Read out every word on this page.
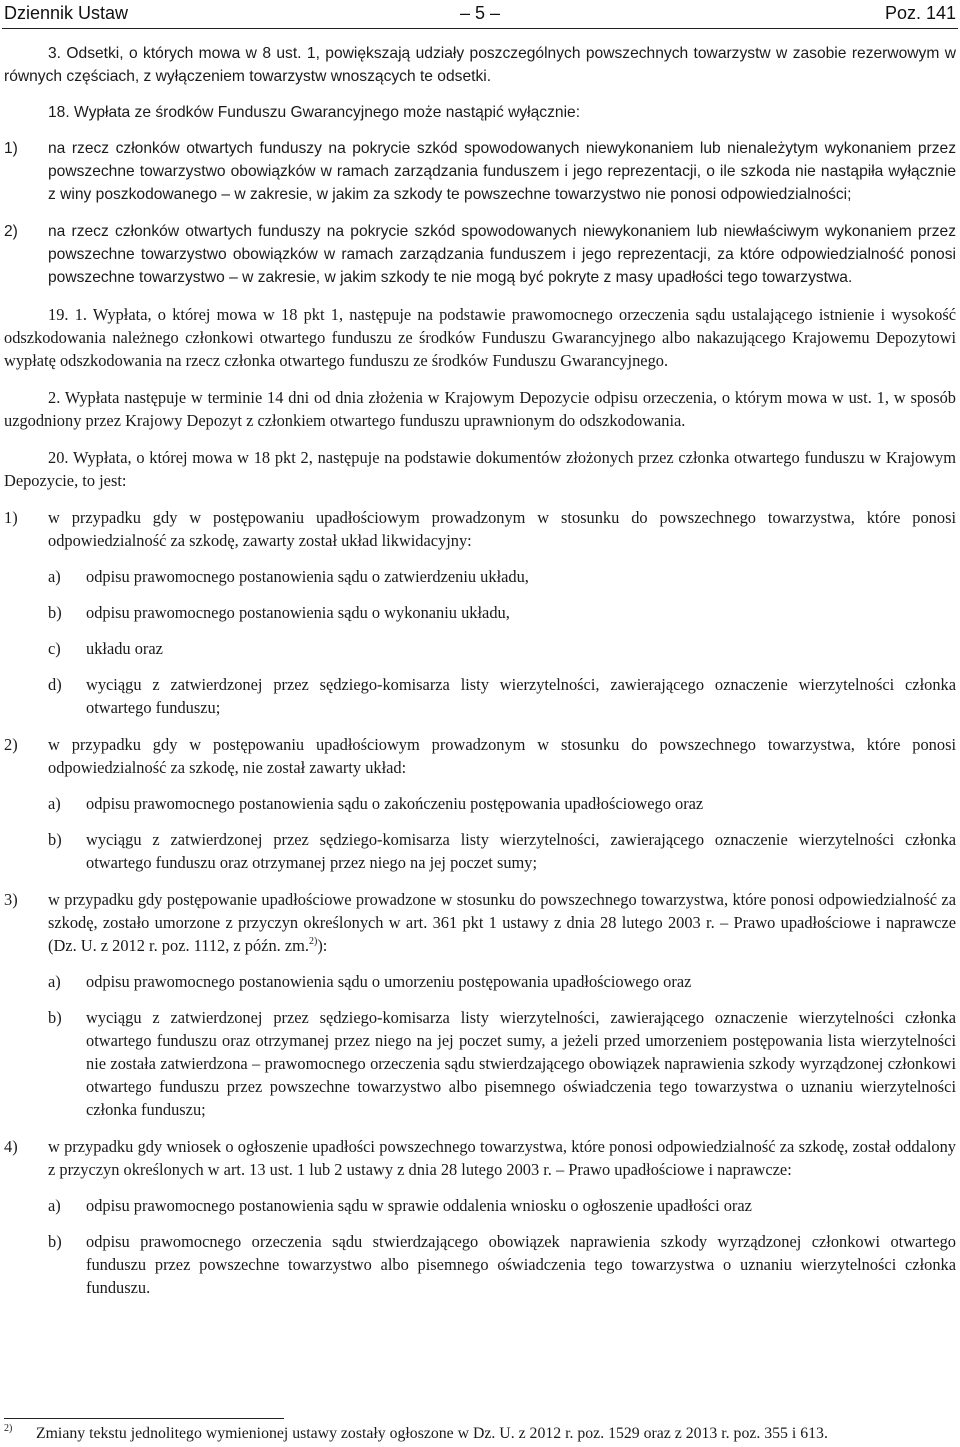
Dziennik Ustaw	– 5 –	Poz. 141

3. Odsetki, o których mowa w 8 ust. 1, powiększają udziały poszczególnych powszechnych towarzystw w zasobie rezerwowym w równych częściach, z wyłączeniem towarzystw wnoszących te odsetki.

18. Wypłata ze środków Funduszu Gwarancyjnego może nastąpić wyłącznie:

1) na rzecz członków otwartych funduszy na pokrycie szkód spowodowanych niewykonaniem lub nienależytym wykonaniem przez powszechne towarzystwo obowiązków w ramach zarządzania funduszem i jego reprezentacji, o ile szkoda nie nastąpiła wyłącznie z winy poszkodowanego – w zakresie, w jakim za szkody te powszechne towarzystwo nie ponosi odpowiedzialności;
2) na rzecz członków otwartych funduszy na pokrycie szkód spowodowanych niewykonaniem lub niewłaściwym wykonaniem przez powszechne towarzystwo obowiązków w ramach zarządzania funduszem i jego reprezentacji, za które odpowiedzialność ponosi powszechne towarzystwo – w zakresie, w jakim szkody te nie mogą być pokryte z masy upadłości tego towarzystwa.

19. 1. Wypłata, o której mowa w 18 pkt 1, następuje na podstawie prawomocnego orzeczenia sądu ustalającego istnienie i wysokość odszkodowania należnego członkowi otwartego funduszu ze środków Funduszu Gwarancyjnego albo nakazującego Krajowemu Depozytowi wypłatę odszkodowania na rzecz członka otwartego funduszu ze środków Funduszu Gwarancyjnego.

2. Wypłata następuje w terminie 14 dni od dnia złożenia w Krajowym Depozycie odpisu orzeczenia, o którym mowa w ust. 1, w sposób uzgodniony przez Krajowy Depozyt z członkiem otwartego funduszu uprawnionym do odszkodowania.

20. Wypłata, o której mowa w 18 pkt 2, następuje na podstawie dokumentów złożonych przez członka otwartego funduszu w Krajowym Depozycie, to jest:

1) w przypadku gdy w postępowaniu upadłościowym prowadzonym w stosunku do powszechnego towarzystwa, które ponosi odpowiedzialność za szkodę, zawarty został układ likwidacyjny:
a) odpisu prawomocnego postanowienia sądu o zatwierdzeniu układu,
b) odpisu prawomocnego postanowienia sądu o wykonaniu układu,
c) układu oraz
d) wyciągu z zatwierdzonej przez sędziego-komisarza listy wierzytelności, zawierającego oznaczenie wierzytelności członka otwartego funduszu;
2) w przypadku gdy w postępowaniu upadłościowym prowadzonym w stosunku do powszechnego towarzystwa, które ponosi odpowiedzialność za szkodę, nie został zawarty układ:
a) odpisu prawomocnego postanowienia sądu o zakończeniu postępowania upadłościowego oraz
b) wyciągu z zatwierdzonej przez sędziego-komisarza listy wierzytelności, zawierającego oznaczenie wierzytelności członka otwartego funduszu oraz otrzymanej przez niego na jej poczet sumy;
3) w przypadku gdy postępowanie upadłościowe prowadzone w stosunku do powszechnego towarzystwa, które ponosi odpowiedzialność za szkodę, zostało umorzone z przyczyn określonych w art. 361 pkt 1 ustawy z dnia 28 lutego 2003 r. – Prawo upadłościowe i naprawcze (Dz. U. z 2012 r. poz. 1112, z późn. zm.$^{2)}$):
a) odpisu prawomocnego postanowienia sądu o umorzeniu postępowania upadłościowego oraz
b) wyciągu z zatwierdzonej przez sędziego-komisarza listy wierzytelności, zawierającego oznaczenie wierzytelności członka otwartego funduszu oraz otrzymanej przez niego na jej poczet sumy, a jeżeli przed umorzeniem postępowania lista wierzytelności nie została zatwierdzona – prawomocnego orzeczenia sądu stwierdzającego obowiązek naprawienia szkody wyrządzonej członkowi otwartego funduszu przez powszechne towarzystwo albo pisemnego oświadczenia tego towarzystwa o uznaniu wierzytelności członka funduszu;
4) w przypadku gdy wniosek o ogłoszenie upadłości powszechnego towarzystwa, które ponosi odpowiedzialność za szkodę, został oddalony z przyczyn określonych w art. 13 ust. 1 lub 2 ustawy z dnia 28 lutego 2003 r. – Prawo upadłościowe i naprawcze:
a) odpisu prawomocnego postanowienia sądu w sprawie oddalenia wniosku o ogłoszenie upadłości oraz
b) odpisu prawomocnego orzeczenia sądu stwierdzającego obowiązek naprawienia szkody wyrządzonej członkowi otwartego funduszu przez powszechne towarzystwo albo pisemnego oświadczenia tego towarzystwa o uznaniu wierzytelności członka funduszu.
2)	Zmiany tekstu jednolitego wymienionej ustawy zostały ogłoszone w Dz. U. z 2012 r. poz. 1529 oraz z 2013 r. poz. 355 i 613.
